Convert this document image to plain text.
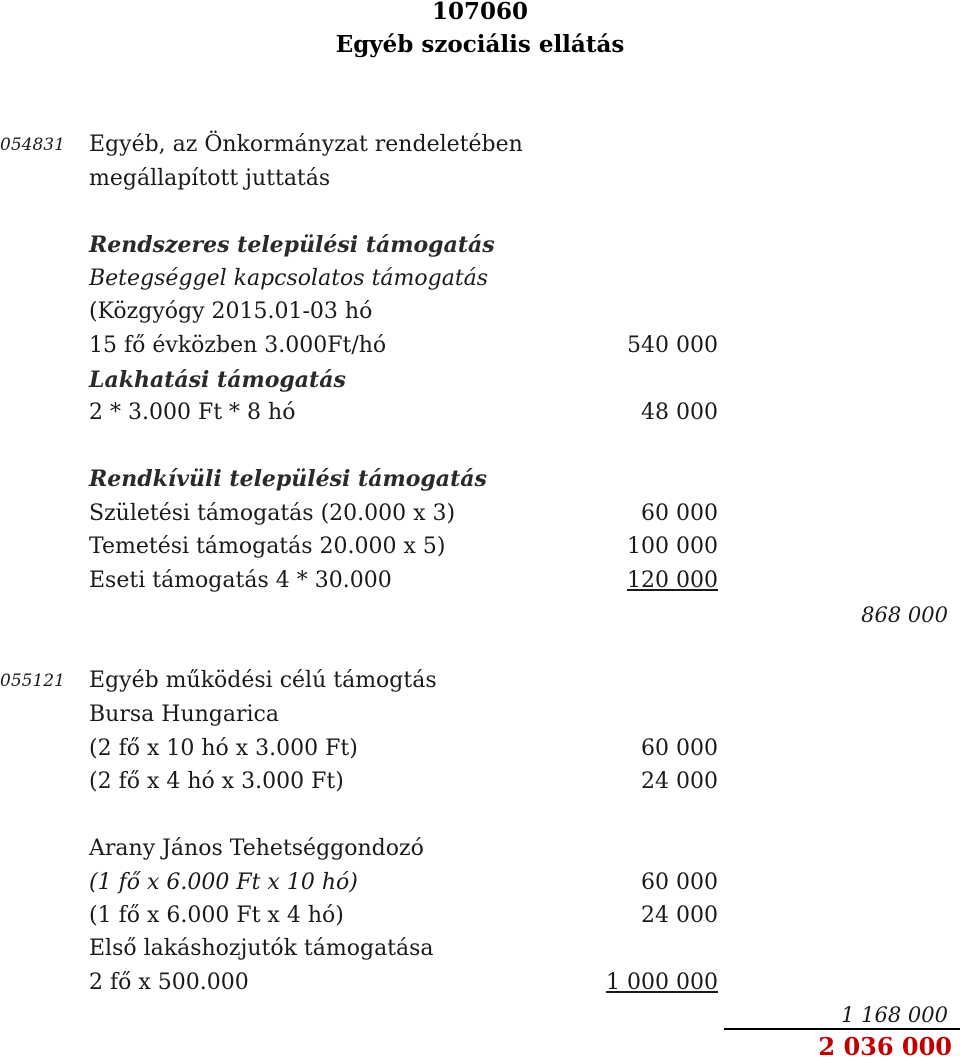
107060
Egyéb szociális ellátás
054831 Egyéb, az Önkormányzat rendeletében
megállapított juttatás
Rendszeres települési támogatás
Betegséggel kapcsolatos támogatás
(Közgyógy 2015.01-03 hó
15 fő évközben 3.000Ft/hó	540 000
Lakhatási támogatás
2 * 3.000 Ft * 8 hó	48 000
Rendkívüli települési támogatás
Születési támogatás (20.000 x 3)	60 000
Temetési támogatás 20.000 x 5)	100 000
Eseti támogatás 4 * 30.000	120 000
868 000
055121 Egyéb működési célú támogtás
Bursa Hungarica
(2 fő x 10 hó x 3.000 Ft)	60 000
(2 fő x 4 hó x 3.000 Ft)	24 000
Arany János Tehetséggondozó
(1 fő x 6.000 Ft x 10 hó)	60 000
(1 fő x 6.000 Ft x 4 hó)	24 000
Első lakáshozjutók támogatása
2 fő x 500.000	1 000 000
1 168 000
2 036 000
